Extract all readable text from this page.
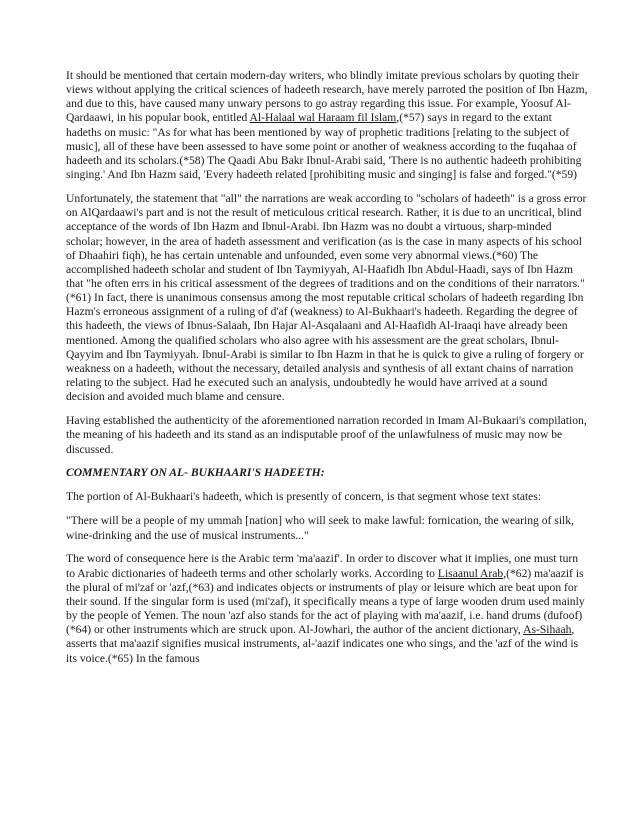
It should be mentioned that certain modern-day writers, who blindly imitate previous scholars by quoting their views without applying the critical sciences of hadeeth research, have merely parroted the position of Ibn Hazm, and due to this, have caused many unwary persons to go astray regarding this issue. For example, Yoosuf Al-Qardaawi, in his popular book, entitled Al-Halaal wal Haraam fil Islam,(*57) says in regard to the extant hadeths on music: "As for what has been mentioned by way of prophetic traditions [relating to the subject of music], all of these have been assessed to have some point or another of weakness according to the fuqahaa of hadeeth and its scholars.(*58) The Qaadi Abu Bakr Ibnul-Arabi said, 'There is no authentic hadeeth prohibiting singing.' And Ibn Hazm said, 'Every hadeeth related [prohibiting music and singing] is false and forged."(*59)

Unfortunately, the statement that "all" the narrations are weak according to "scholars of hadeeth" is a gross error on AlQardaawi's part and is not the result of meticulous critical research. Rather, it is due to an uncritical, blind acceptance of the words of Ibn Hazm and Ibnul-Arabi. Ibn Hazm was no doubt a virtuous, sharp-minded scholar; however, in the area of hadeth assessment and verification (as is the case in many aspects of his school of Dhaahiri fiqh), he has certain untenable and unfounded, even some very abnormal views.(*60) The accomplished hadeeth scholar and student of Ibn Taymiyyah, Al-Haafidh Ibn Abdul-Haadi, says of Ibn Hazm that "he often errs in his critical assessment of the degrees of traditions and on the conditions of their narrators."(*61) In fact, there is unanimous consensus among the most reputable critical scholars of hadeeth regarding Ibn Hazm's erroneous assignment of a ruling of d'af (weakness) to Al-Bukhaari's hadeeth. Regarding the degree of this hadeeth, the views of Ibnus-Salaah, Ibn Hajar Al-Asqalaani and Al-Haafidh Al-Iraaqi have already been mentioned. Among the qualified scholars who also agree with his assessment are the great scholars, Ibnul-Qayyim and Ibn Taymiyyah. Ibnul-Arabi is similar to Ibn Hazm in that he is quick to give a ruling of forgery or weakness on a hadeeth, without the necessary, detailed analysis and synthesis of all extant chains of narration relating to the subject. Had he executed such an analysis, undoubtedly he would have arrived at a sound decision and avoided much blame and censure.

Having established the authenticity of the aforementioned narration recorded in Imam Al-Bukaari's compilation, the meaning of his hadeeth and its stand as an indisputable proof of the unlawfulness of music may now be discussed.

COMMENTARY ON AL- BUKHAARI'S HADEETH:

The portion of Al-Bukhaari's hadeeth, which is presently of concern, is that segment whose text states:

"There will be a people of my ummah [nation] who will seek to make lawful: fornication, the wearing of silk, wine-drinking and the use of musical instruments..."

The word of consequence here is the Arabic term 'ma'aazif'. In order to discover what it implies, one must turn to Arabic dictionaries of hadeeth terms and other scholarly works. According to Lisaanul Arab,(*62) ma'aazif is the plural of mi'zaf or 'azf,(*63) and indicates objects or instruments of play or leisure which are beat upon for their sound. If the singular form is used (mi'zaf), it specifically means a type of large wooden drum used mainly by the people of Yemen. The noun 'azf also stands for the act of playing with ma'aazif, i.e. hand drums (dufoof)(*64) or other instruments which are struck upon. Al-Jowhari, the author of the ancient dictionary, As-Sihaah, asserts that ma'aazif signifies musical instruments, al-'aazif indicates one who sings, and the 'azf of the wind is its voice.(*65) In the famous
